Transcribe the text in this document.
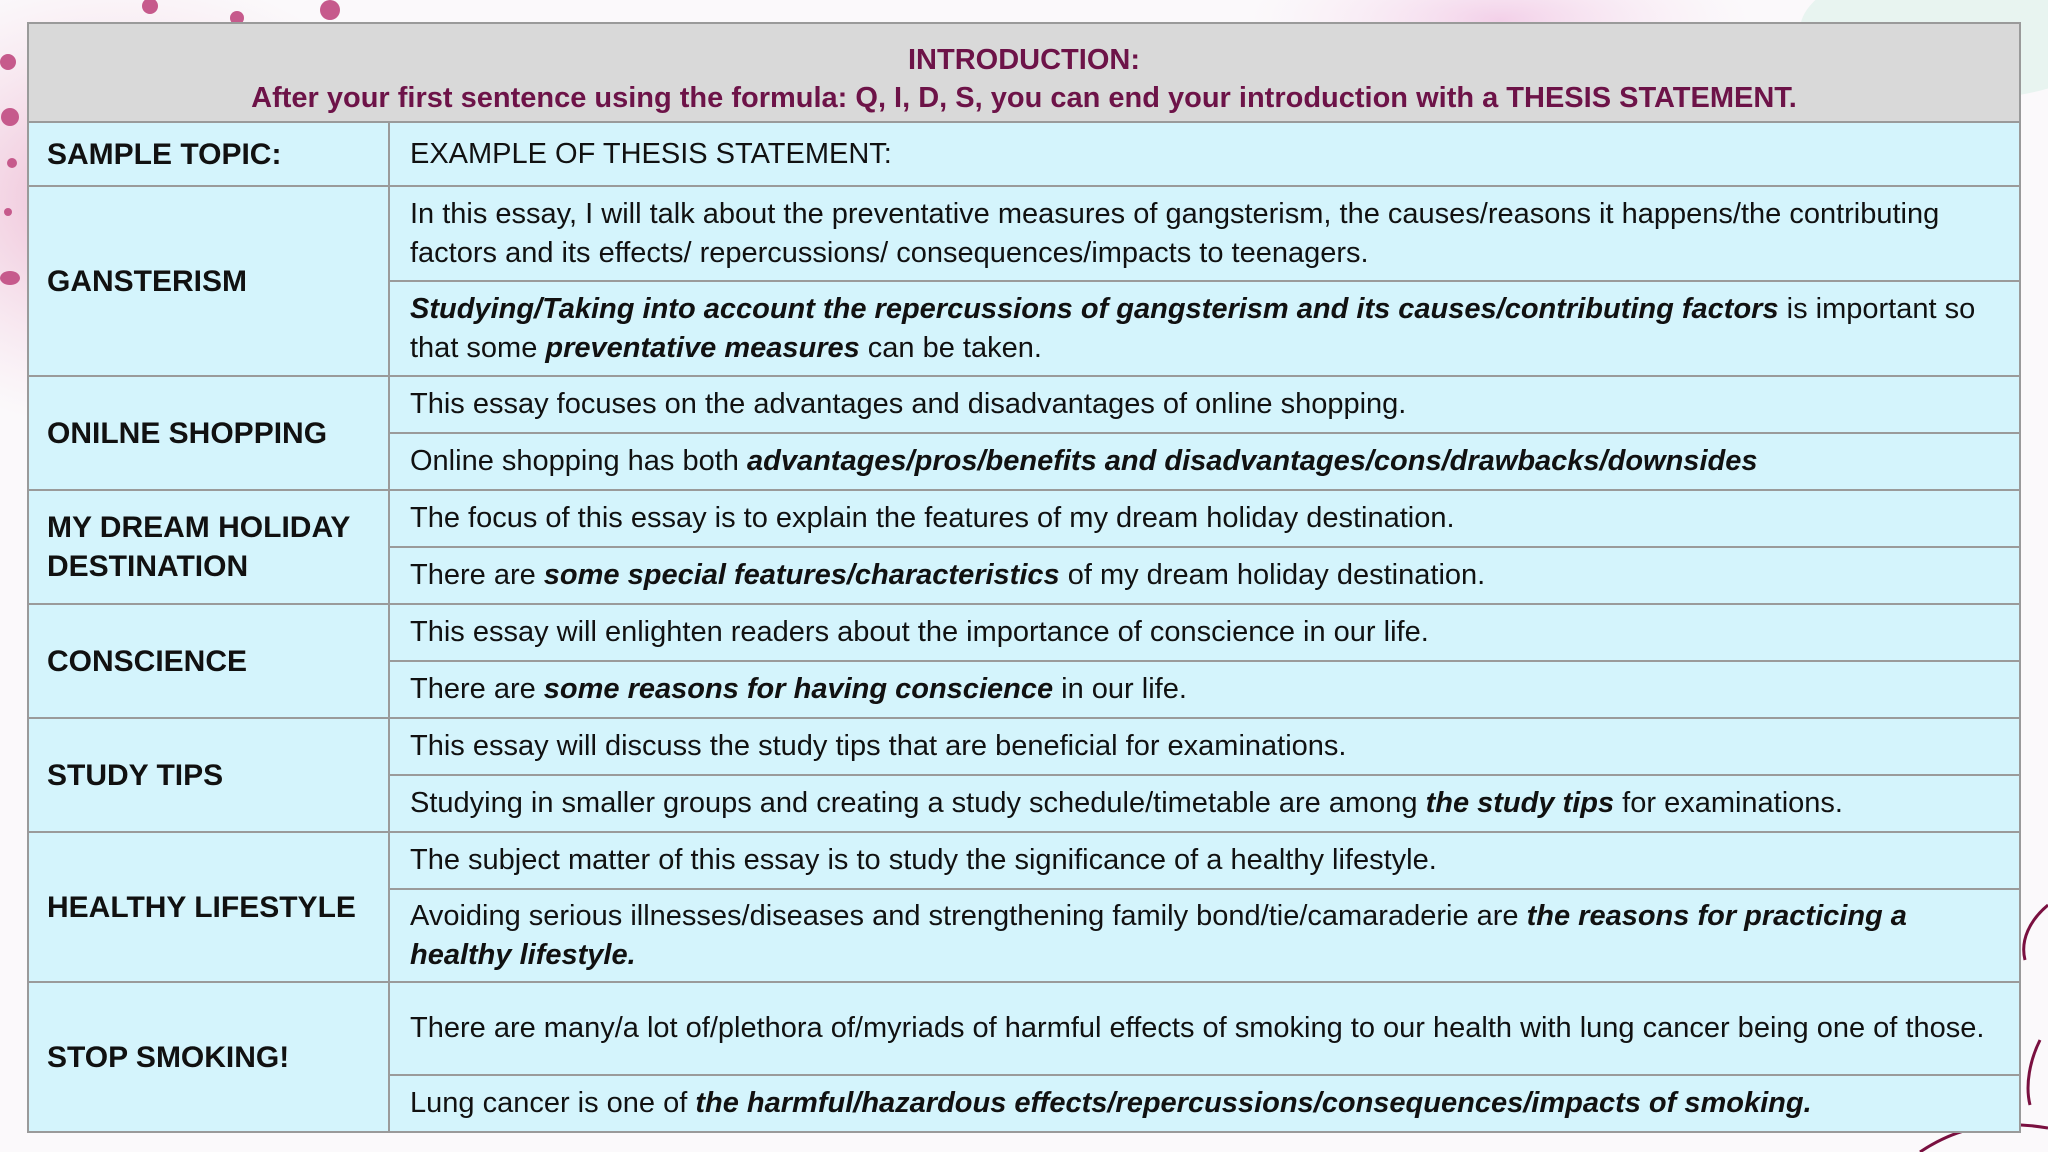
INTRODUCTION:
After your first sentence using the formula: Q, I, D, S, you can end your introduction with a THESIS STATEMENT.	

SAMPLE TOPIC:	EXAMPLE OF THESIS STATEMENT:
GANSTERISM	In this essay, I will talk about the preventative measures of gangsterism, the causes/reasons it happens/the contributing factors and its effects/ repercussions/ consequences/impacts to teenagers.
	Studying/Taking into account the repercussions of gangsterism and its causes/contributing factors is important so that some preventative measures can be taken.
ONILNE SHOPPING	This essay focuses on the advantages and disadvantages of online shopping.
	Online shopping has both advantages/pros/benefits and disadvantages/cons/drawbacks/downsides
MY DREAM HOLIDAY DESTINATION	The focus of this essay is to explain the features of my dream holiday destination.
	There are some special features/characteristics of my dream holiday destination.
CONSCIENCE	This essay will enlighten readers about the importance of conscience in our life.
	There are some reasons for having conscience in our life.
STUDY TIPS	This essay will discuss the study tips that are beneficial for examinations.
	Studying in smaller groups and creating a study schedule/timetable are among the study tips for examinations.
HEALTHY LIFESTYLE	The subject matter of this essay is to study the significance of a healthy lifestyle.
	Avoiding serious illnesses/diseases and strengthening family bond/tie/camaraderie are the reasons for practicing a healthy lifestyle.
STOP SMOKING!	There are many/a lot of/plethora of/myriads of harmful effects of smoking to our health with lung cancer being one of those.
	Lung cancer is one of the harmful/hazardous effects/repercussions/consequences/impacts of smoking.
